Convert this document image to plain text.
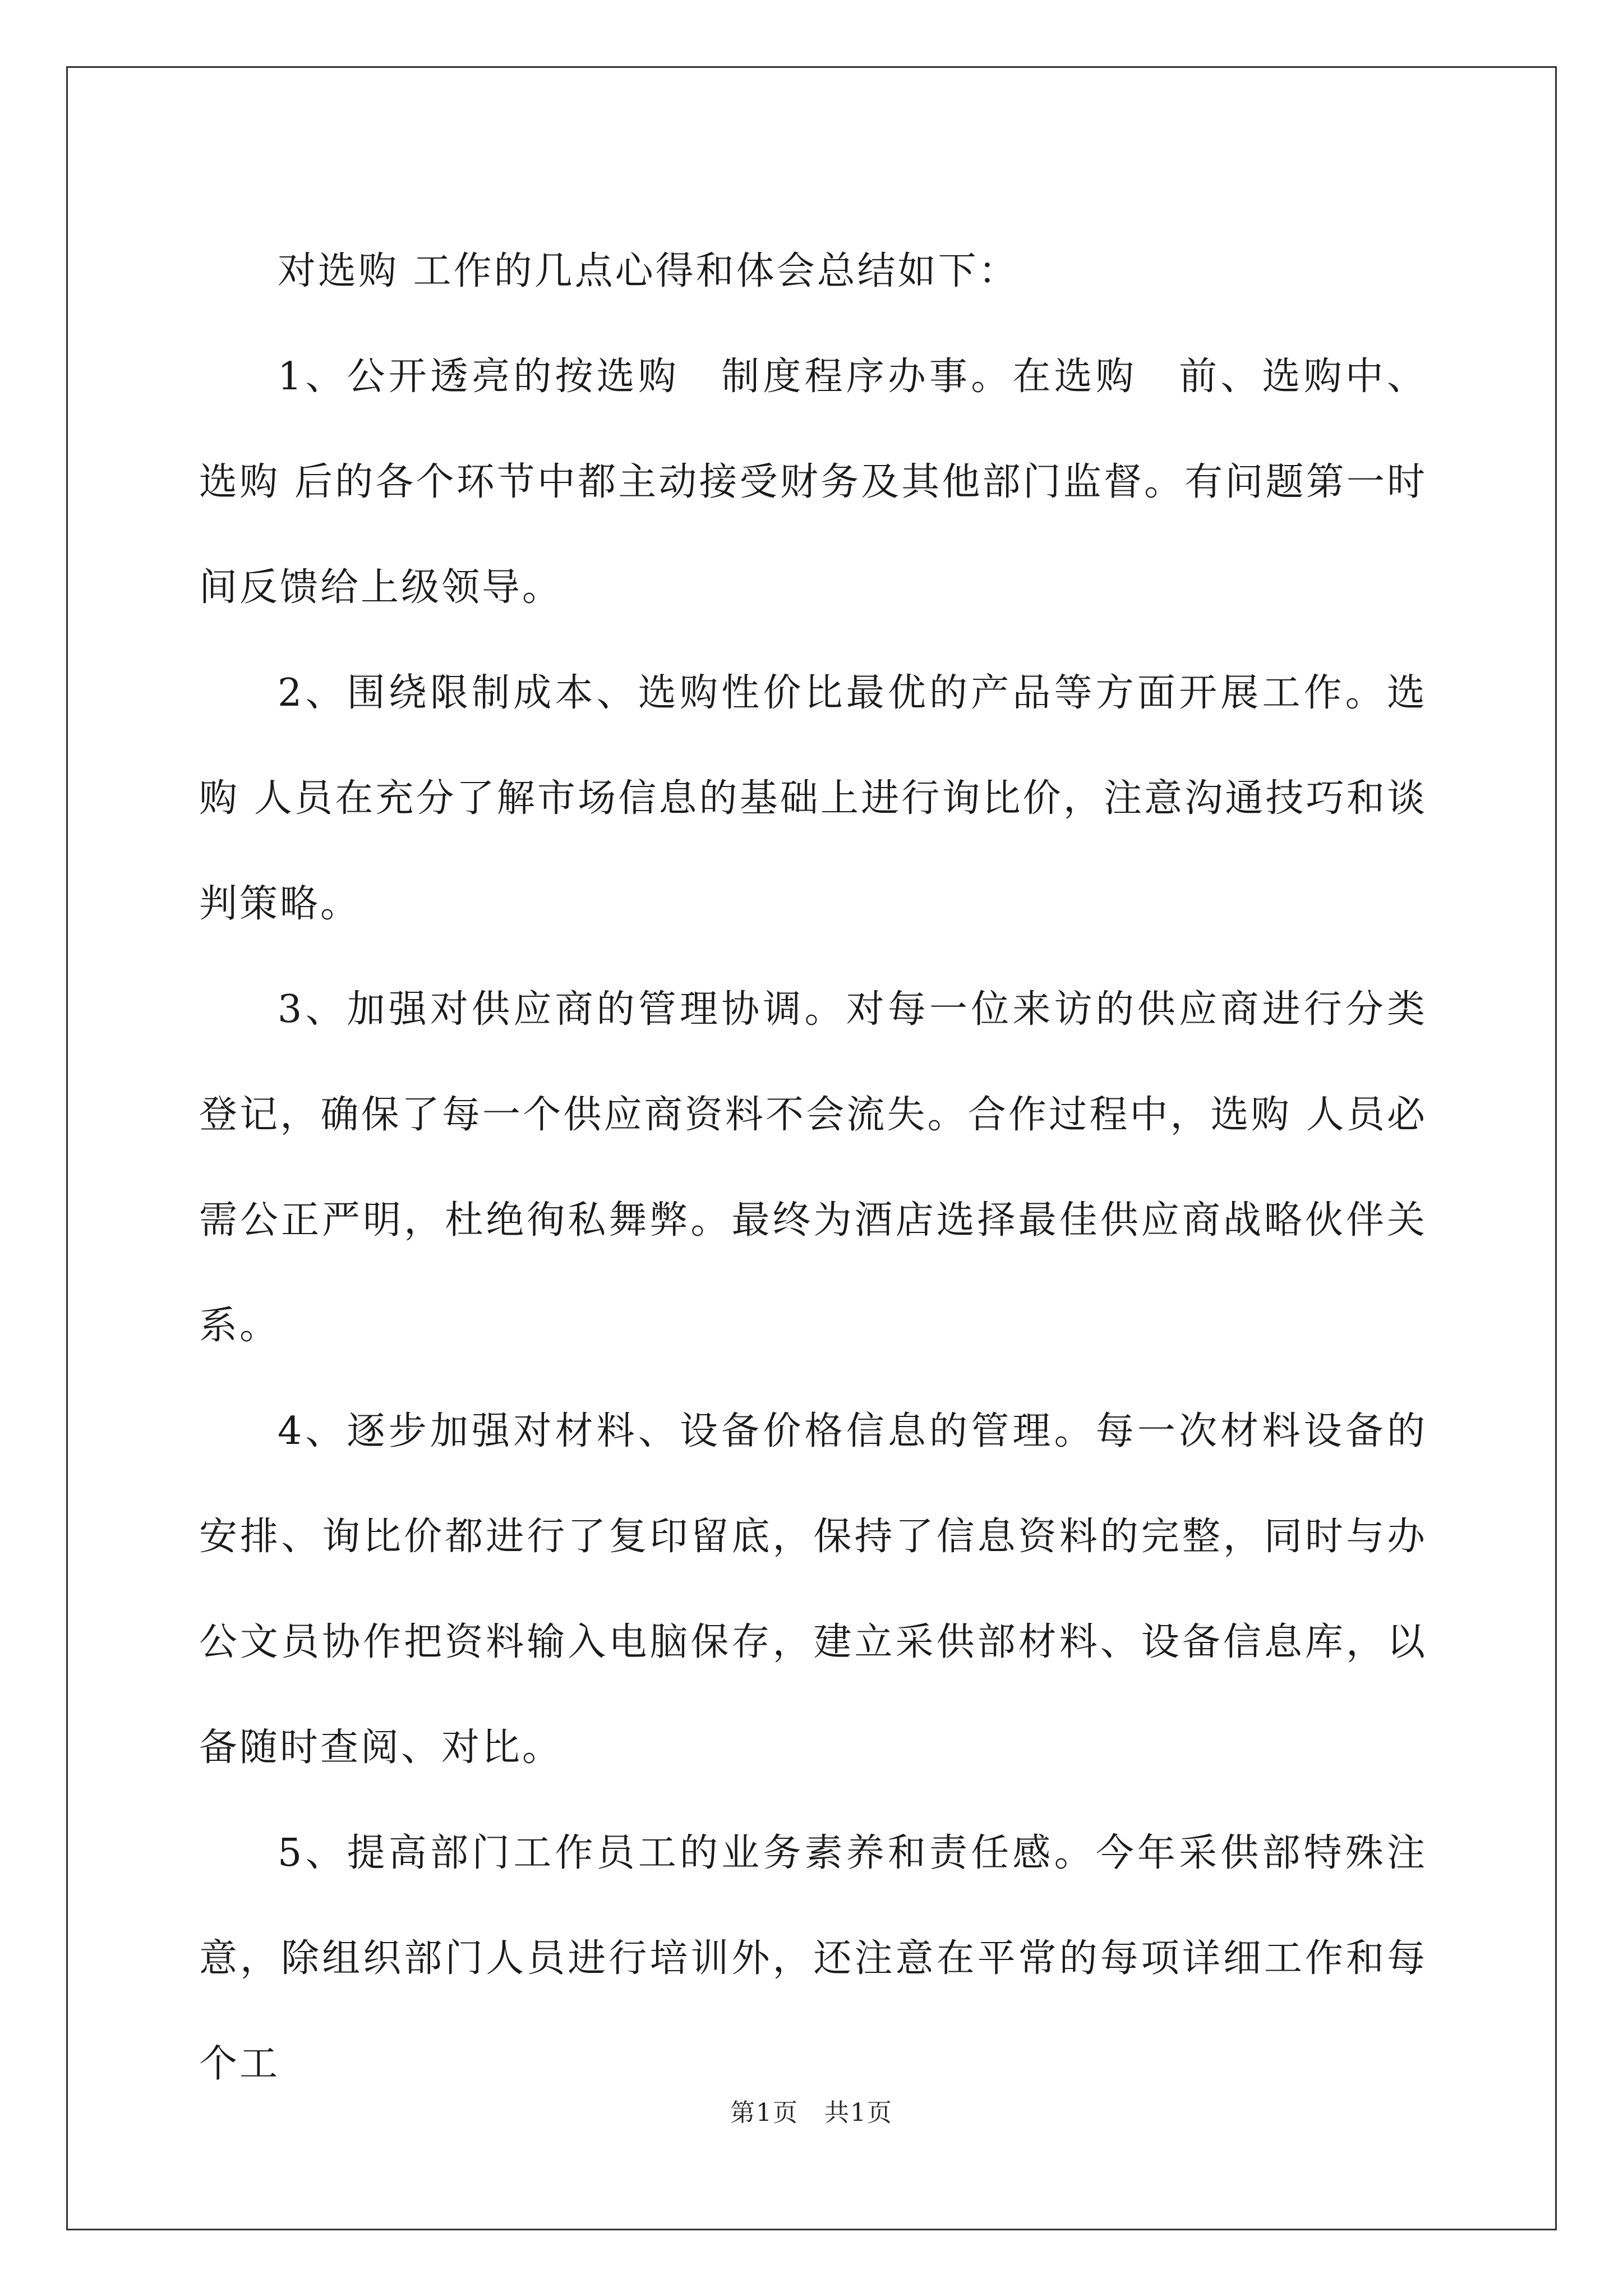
对选购 工作的几点心得和体会总结如下：

1、公开透亮的按选购　制度程序办事。在选购　前、选购中、选购 后的各个环节中都主动接受财务及其他部门监督。有问题第一时间反馈给上级领导。

2、围绕限制成本、选购性价比最优的产品等方面开展工作。选购 人员在充分了解市场信息的基础上进行询比价，注意沟通技巧和谈判策略。

3、加强对供应商的管理协调。对每一位来访的供应商进行分类登记，确保了每一个供应商资料不会流失。合作过程中，选购 人员必需公正严明，杜绝徇私舞弊。最终为酒店选择最佳供应商战略伙伴关系。

4、逐步加强对材料、设备价格信息的管理。每一次材料设备的安排、询比价都进行了复印留底，保持了信息资料的完整，同时与办公文员协作把资料输入电脑保存，建立采供部材料、设备信息库，以备随时查阅、对比。

5、提高部门工作员工的业务素养和责任感。今年采供部特殊注意，除组织部门人员进行培训外，还注意在平常的每项详细工作和每个工

第1页　共1页
